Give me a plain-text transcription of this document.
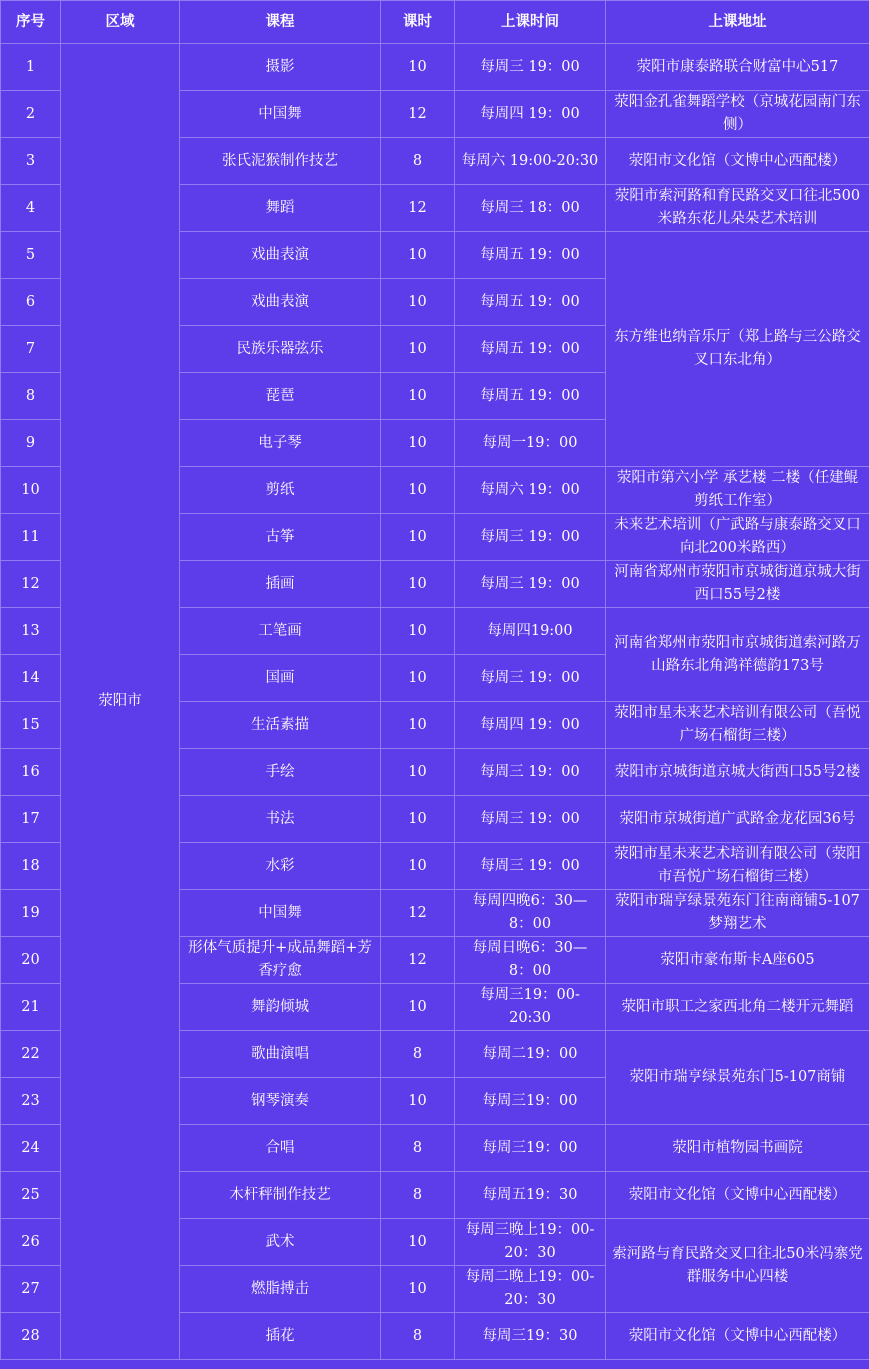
序号	区域	课程	课时	上课时间	上课地址
1	荥阳市	摄影	10	每周三 19：00	荥阳市康泰路联合财富中心517
2		中国舞	12	每周四 19：00	荥阳金孔雀舞蹈学校（京城花园南门东侧）
3		张氏泥猴制作技艺	8	每周六 19:00-20:30	荥阳市文化馆（文博中心西配楼）
4		舞蹈	12	每周三 18：00	荥阳市索河路和育民路交叉口往北500米路东花儿朵朵艺术培训
5		戏曲表演	10	每周五 19：00	东方维也纳音乐厅（郑上路与三公路交叉口东北角）
6		戏曲表演	10	每周五 19：00	
7		民族乐器弦乐	10	每周五 19：00	
8		琵琶	10	每周五 19：00	
9		电子琴	10	每周一19：00	
10		剪纸	10	每周六 19：00	荥阳市第六小学 承艺楼 二楼（任建鲲剪纸工作室）
11		古筝	10	每周三 19：00	未来艺术培训（广武路与康泰路交叉口向北200米路西）
12		插画	10	每周三 19：00	河南省郑州市荥阳市京城街道京城大街西口55号2楼
13		工笔画	10	每周四19:00	河南省郑州市荥阳市京城街道索河路万山路东北角鸿祥德韵173号
14		国画	10	每周三 19：00	
15		生活素描	10	每周四 19：00	荥阳市星未来艺术培训有限公司（吾悦广场石榴街三楼）
16		手绘	10	每周三 19：00	荥阳市京城街道京城大街西口55号2楼
17		书法	10	每周三 19：00	荥阳市京城街道广武路金龙花园36号
18		水彩	10	每周三 19：00	荥阳市星未来艺术培训有限公司（荥阳市吾悦广场石榴街三楼）
19		中国舞	12	每周四晚6：30—8：00	荥阳市瑞亨绿景苑东门往南商铺5-107梦翔艺术
20		形体气质提升+成品舞蹈+芳香疗愈	12	每周日晚6：30—8：00	荥阳市豪布斯卡A座605
21		舞韵倾城	10	每周三19：00-20:30	荥阳市职工之家西北角二楼开元舞蹈
22		歌曲演唱	8	每周二19：00	荥阳市瑞亨绿景苑东门5-107商铺
23		钢琴演奏	10	每周三19：00	
24		合唱	8	每周三19：00	荥阳市植物园书画院
25		木杆秤制作技艺	8	每周五19：30	荥阳市文化馆（文博中心西配楼）
26		武术	10	每周三晚上19：00-20：30	索河路与育民路交叉口往北50米冯寨党群服务中心四楼
27		燃脂搏击	10	每周二晚上19：00-20：30	
28		插花	8	每周三19：30	荥阳市文化馆（文博中心西配楼）
